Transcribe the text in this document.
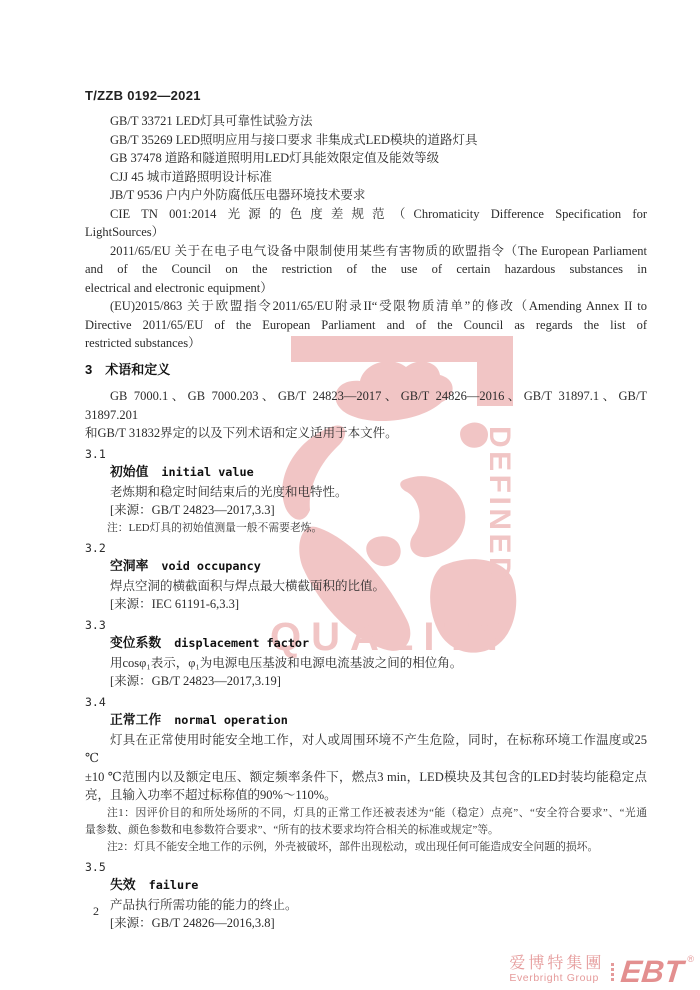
DEFINED
QUALITY
T/ZZB 0192—2021
GB/T 33721 LED灯具可靠性试验方法
GB/T 35269 LED照明应用与接口要求 非集成式LED模块的道路灯具
GB 37478 道路和隧道照明用LED灯具能效限定值及能效等级
CJJ 45 城市道路照明设计标准
JB/T 9536 户内户外防腐低压电器环境技术要求
CIE TN 001:2014 光源的色度差规范（Chromaticity Difference Specification for
LightSources）
2011/65/EU 关于在电子电气设备中限制使用某些有害物质的欧盟指令（The European Parliament
and of the Council on the restriction of the use of certain hazardous substances in
electrical and electronic equipment）
(EU)2015/863 关于欧盟指令2011/65/EU附录II“受限物质清单”的修改（Amending Annex II to
Directive 2011/65/EU of the European Parliament and of the Council as regards the list of
restricted substances）
3　术语和定义
GB 7000.1、GB 7000.203、GB/T 24823—2017、GB/T 24826—2016、GB/T 31897.1、GB/T 31897.201
和GB/T 31832界定的以及下列术语和定义适用于本文件。
3.1
初始值 initial value
老炼期和稳定时间结束后的光度和电特性。
[来源：GB/T 24823—2017,3.3]
注：LED灯具的初始值测量一般不需要老炼。
3.2
空洞率 void occupancy
焊点空洞的横截面积与焊点最大横截面积的比值。
[来源：IEC 61191-6,3.3]
3.3
变位系数 displacement factor
用cosφ₁表示，φ₁为电源电压基波和电源电流基波之间的相位角。
[来源：GB/T 24823—2017,3.19]
3.4
正常工作 normal operation
灯具在正常使用时能安全地工作，对人或周围环境不产生危险，同时，在标称环境工作温度或25 ℃
±10 ℃范围内以及额定电压、额定频率条件下，燃点3 min，LED模块及其包含的LED封装均能稳定点
亮，且输入功率不超过标称值的90%～110%。
注1：因评价目的和所处场所的不同，灯具的正常工作还被表述为“能（稳定）点亮”、“安全符合要求”、“光通
量参数、颜色参数和电参数符合要求”、“所有的技术要求均符合相关的标准或规定”等。
注2：灯具不能安全地工作的示例，外壳被破坏，部件出现松动，或出现任何可能造成安全问题的损坏。
3.5
失效 failure
产品执行所需功能的能力的终止。
[来源：GB/T 24826—2016,3.8]
2
爱博特集團
Everbright Group EBT ®
